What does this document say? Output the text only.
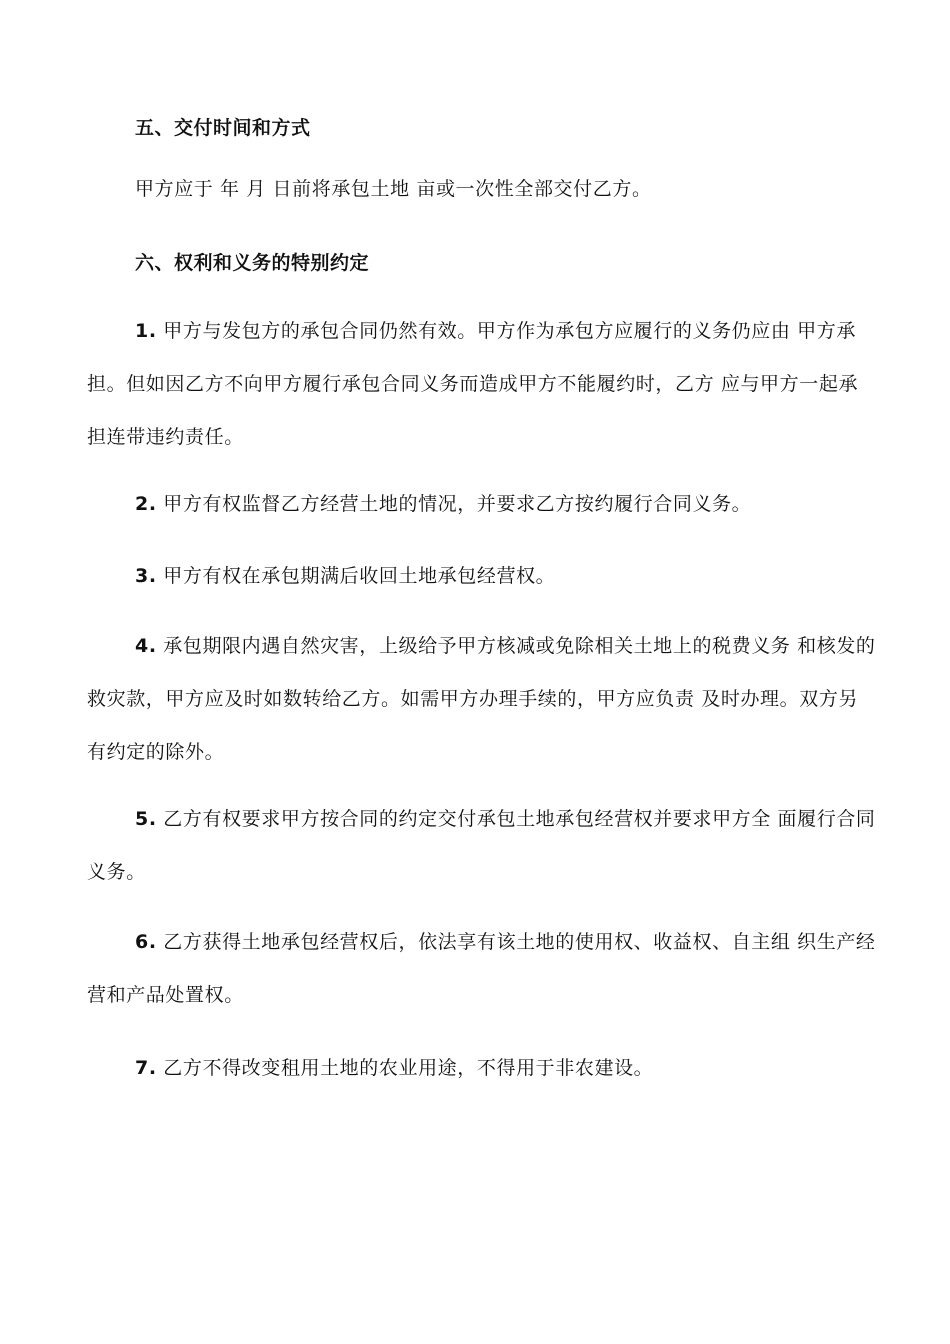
五、交付时间和方式
甲方应于 年 月 日前将承包土地 亩或一次性全部交付乙方。
六、权利和义务的特别约定
1. 甲方与发包方的承包合同仍然有效。甲方作为承包方应履行的义务仍应由 甲方承担。但如因乙方不向甲方履行承包合同义务而造成甲方不能履约时，乙方 应与甲方一起承担连带违约责任。
2. 甲方有权监督乙方经营土地的情况，并要求乙方按约履行合同义务。
3. 甲方有权在承包期满后收回土地承包经营权。
4. 承包期限内遇自然灾害，上级给予甲方核减或免除相关土地上的税费义务 和核发的救灾款，甲方应及时如数转给乙方。如需甲方办理手续的，甲方应负责 及时办理。双方另有约定的除外。
5. 乙方有权要求甲方按合同的约定交付承包土地承包经营权并要求甲方全 面履行合同义务。
6. 乙方获得土地承包经营权后，依法享有该土地的使用权、收益权、自主组 织生产经营和产品处置权。
7. 乙方不得改变租用土地的农业用途，不得用于非农建设。
